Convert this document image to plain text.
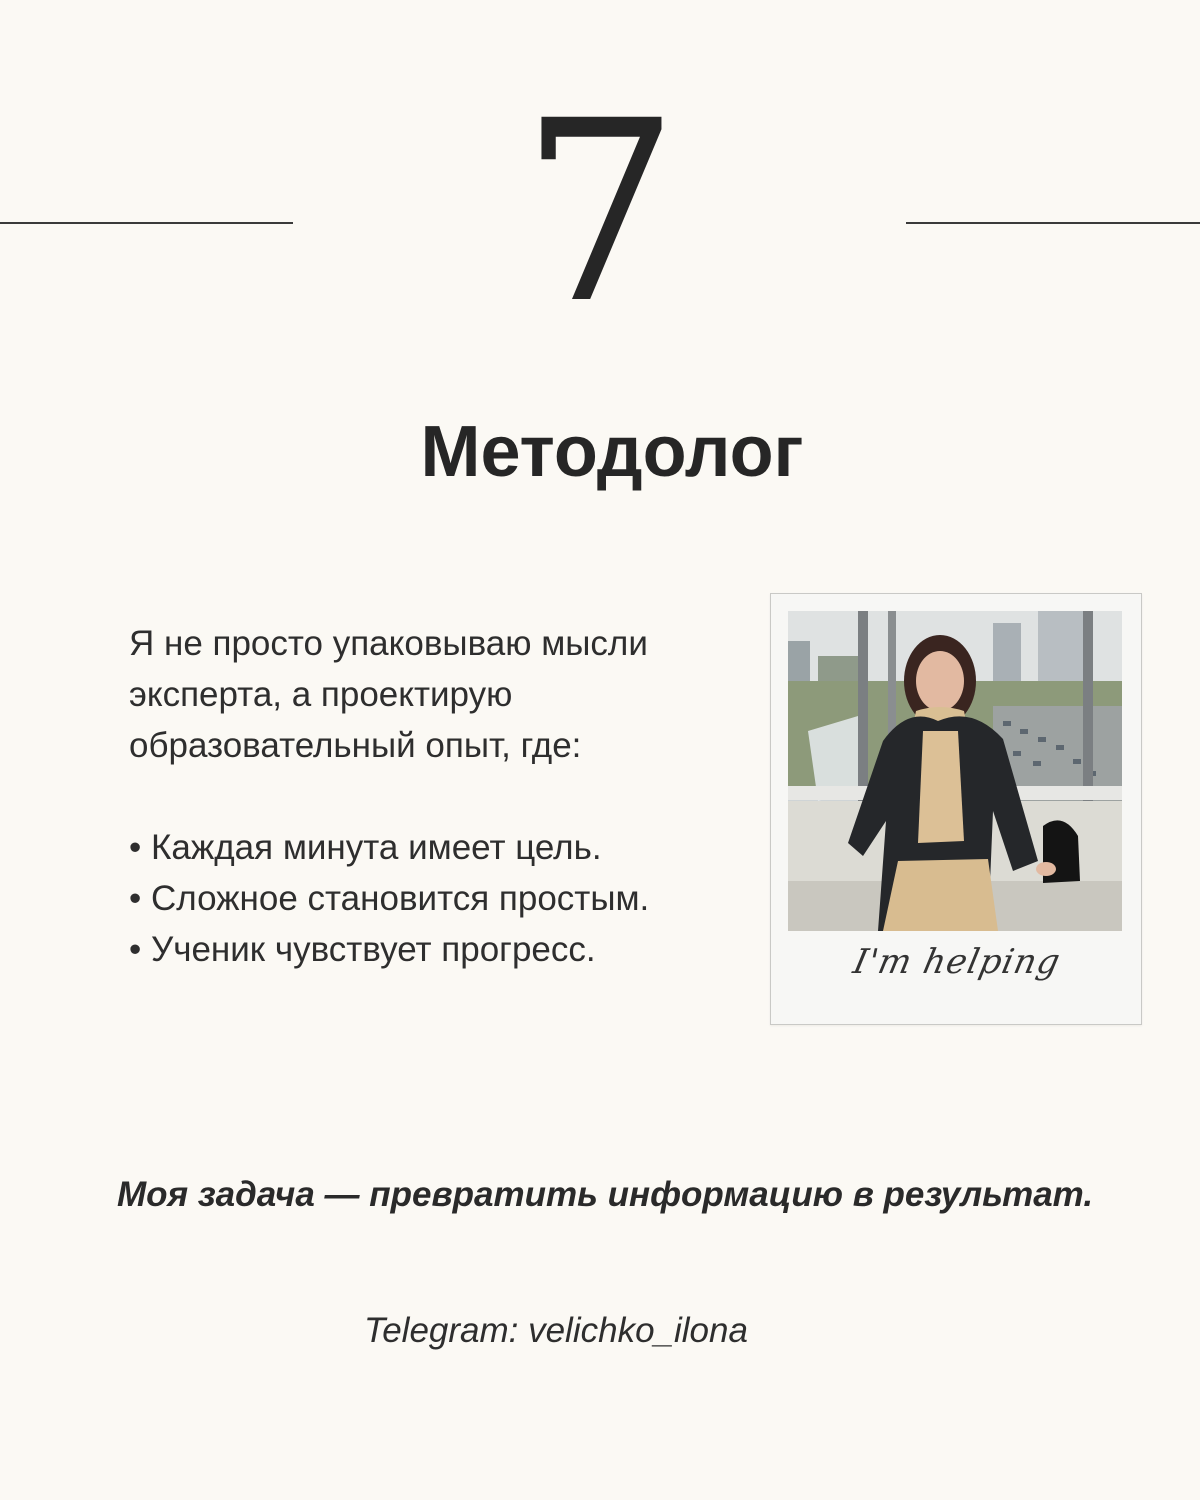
7
Методолог
Я не просто упаковываю мысли
эксперта, а проектирую
образовательный опыт, где:
• Каждая минута имеет цель.
• Сложное становится простым.
• Ученик чувствует прогресс.	I'm helping
Моя задача — превратить информацию в результат.
Telegram: velichko_ilona
